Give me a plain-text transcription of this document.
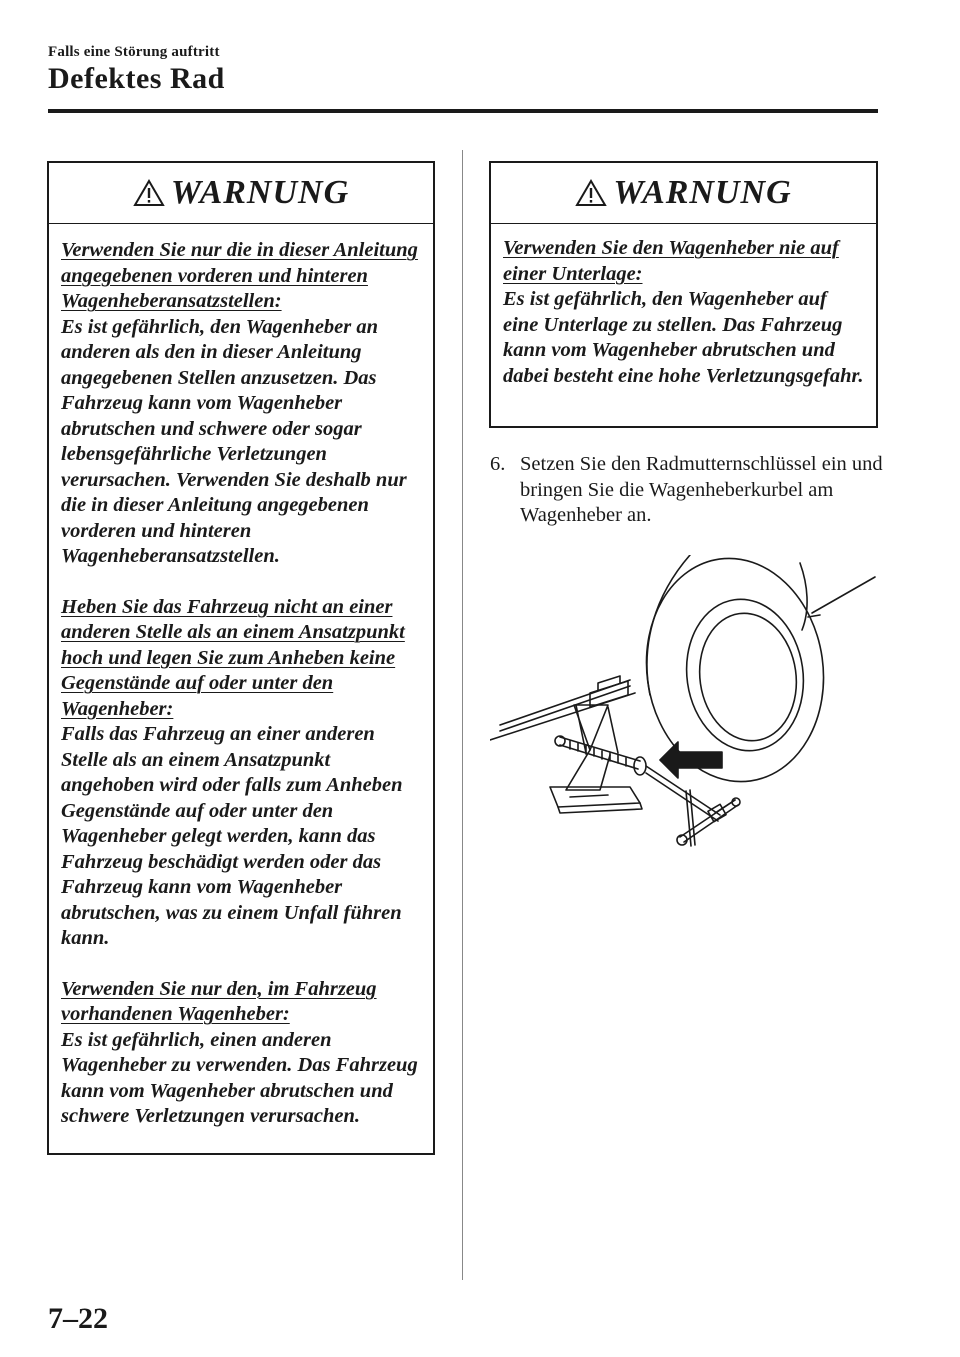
Falls eine Störung auftritt
Defektes Rad
WARNUNG

Verwenden Sie nur die in dieser Anleitung angegebenen vorderen und hinteren Wagenheberansatzstellen:

Es ist gefährlich, den Wagenheber an anderen als den in dieser Anleitung angegebenen Stellen anzusetzen. Das Fahrzeug kann vom Wagenheber abrutschen und schwere oder sogar lebensgefährliche Verletzungen verursachen. Verwenden Sie deshalb nur die in dieser Anleitung angegebenen vorderen und hinteren Wagenheberansatzstellen.

Heben Sie das Fahrzeug nicht an einer anderen Stelle als an einem Ansatzpunkt hoch und legen Sie zum Anheben keine Gegenstände auf oder unter den Wagenheber:

Falls das Fahrzeug an einer anderen Stelle als an einem Ansatzpunkt angehoben wird oder falls zum Anheben Gegenstände auf oder unter den Wagenheber gelegt werden, kann das Fahrzeug beschädigt werden oder das Fahrzeug kann vom Wagenheber abrutschen, was zu einem Unfall führen kann.

Verwenden Sie nur den, im Fahrzeug vorhandenen Wagenheber:

Es ist gefährlich, einen anderen Wagenheber zu verwenden. Das Fahrzeug kann vom Wagenheber abrutschen und schwere Verletzungen verursachen.

WARNUNG

Verwenden Sie den Wagenheber nie auf einer Unterlage:

Es ist gefährlich, den Wagenheber auf eine Unterlage zu stellen. Das Fahrzeug kann vom Wagenheber abrutschen und dabei besteht eine hohe Verletzungsgefahr.

6. Setzen Sie den Radmutternschlüssel ein und bringen Sie die Wagenheberkurbel am Wagenheber an.
7–22
